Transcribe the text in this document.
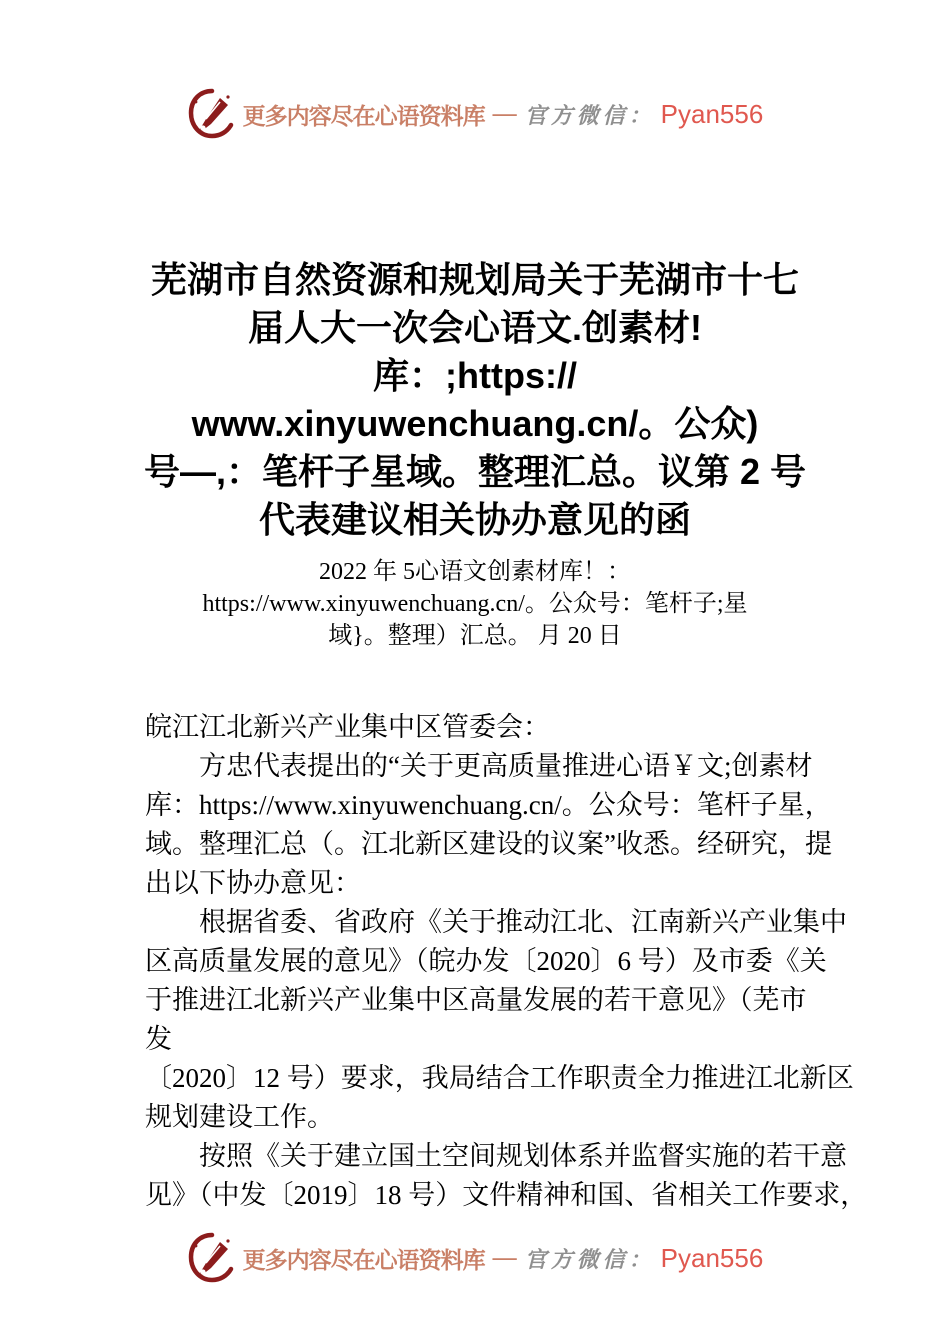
更多内容尽在心语资料库 — 官方微信： Pyan556
芜湖市自然资源和规划局关于芜湖市十七
届人大一次会心语文.创素材!
库：;https://
www.xinyuwenchuang.cn/。公众)
号—,：笔杆子星域。整理汇总。议第 2 号
代表建议相关协办意见的函
2022 年 5心语文创素材库！：
https://www.xinyuwenchuang.cn/。公众号：笔杆子;星
域}。整理）汇总。 月 20 日
皖江江北新兴产业集中区管委会：
　　方忠代表提出的“关于更高质量推进心语￥文;创素材
库：https://www.xinyuwenchuang.cn/。公众号：笔杆子星，
域。整理汇总（。江北新区建设的议案”收悉。经研究，提
出以下协办意见：
　　根据省委、省政府《关于推动江北、江南新兴产业集中
区高质量发展的意见》（皖办发〔2020〕6 号）及市委《关
于推进江北新兴产业集中区高量发展的若干意见》（芜市
发
〔2020〕12 号）要求，我局结合工作职责全力推进江北新区
规划建设工作。
　　按照《关于建立国土空间规划体系并监督实施的若干意
见》（中发〔2019〕18 号）文件精神和国、省相关工作要求，
更多内容尽在心语资料库 — 官方微信： Pyan556
